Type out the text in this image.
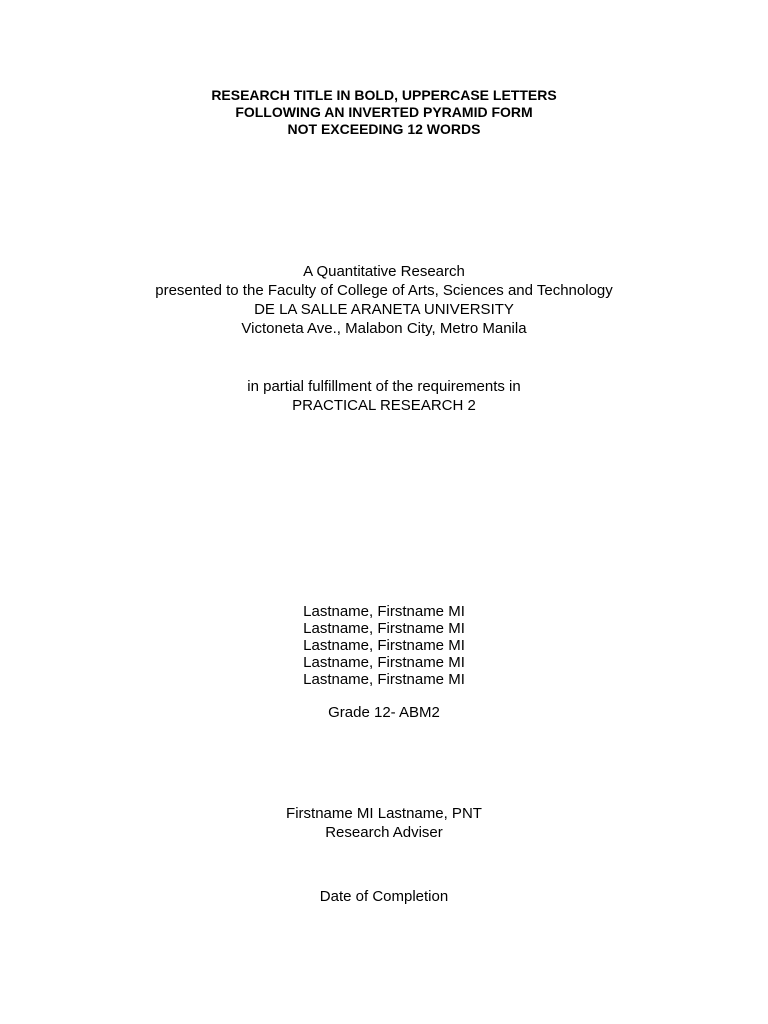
RESEARCH TITLE IN BOLD, UPPERCASE LETTERS
FOLLOWING AN INVERTED PYRAMID FORM
NOT EXCEEDING 12 WORDS
A Quantitative Research
presented to the Faculty of College of Arts, Sciences and Technology
DE LA SALLE ARANETA UNIVERSITY
Victoneta Ave., Malabon City, Metro Manila
in partial fulfillment of the requirements in
PRACTICAL RESEARCH 2
Lastname, Firstname MI
Lastname, Firstname MI
Lastname, Firstname MI
Lastname, Firstname MI
Lastname, Firstname MI
Grade 12- ABM2
Firstname MI Lastname, PNT
Research Adviser
Date of Completion
